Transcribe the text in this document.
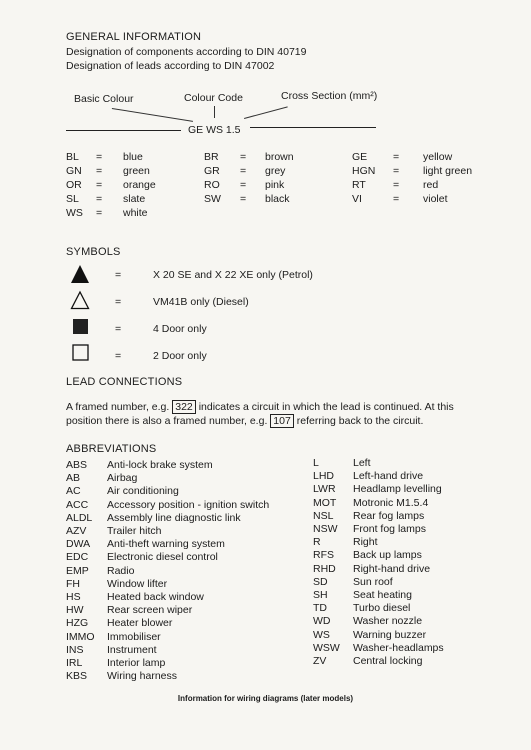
GENERAL INFORMATION
Designation of components according to DIN 40719
Designation of leads according to DIN 47002
Basic Colour	Colour Code	Cross Section (mm²)
GE WS 1.5
BL = blue
GN = green
OR = orange
SL = slate
WS = white
BR = brown
GR = grey
RO = pink
SW = black
GE = yellow
HGN = light green
RT	= red
VI	= violet
SYMBOLS
=	X 20 SE and X 22 XE only (Petrol)
=	VM41B only (Diesel)
=	4 Door only
=	2 Door only
LEAD CONNECTIONS
A framed number, e.g. 322 indicates a circuit in which the lead is continued. At this
position there is also a framed number, e.g. 107 referring back to the circuit.
ABBREVIATIONS
ABS Anti-lock brake system
AB	Airbag
AC	Air conditioning
ACC Accessory position - ignition switch
ALDL Assembly line diagnostic link
AZV Trailer hitch
DWA Anti-theft warning system
EDC Electronic diesel control
EMP Radio
FH	Window lifter
HS	Heated back window
HW Rear screen wiper
HZG Heater blower
IMMO Immobiliser
INS Instrument
IRL Interior lamp
KBS Wiring harness
L	Left
LHD Left-hand drive
LWR Headlamp levelling
MOT Motronic M1.5.4
NSL Rear fog lamps
NSW Front fog lamps
R	Right
RFS Back up lamps
RHD Right-hand drive
SD Sun roof
SH Seat heating
TD Turbo diesel
WD Washer nozzle
WS Warning buzzer
WSW Washer-headlamps
ZV	Central locking
Information for wiring diagrams (later models)
